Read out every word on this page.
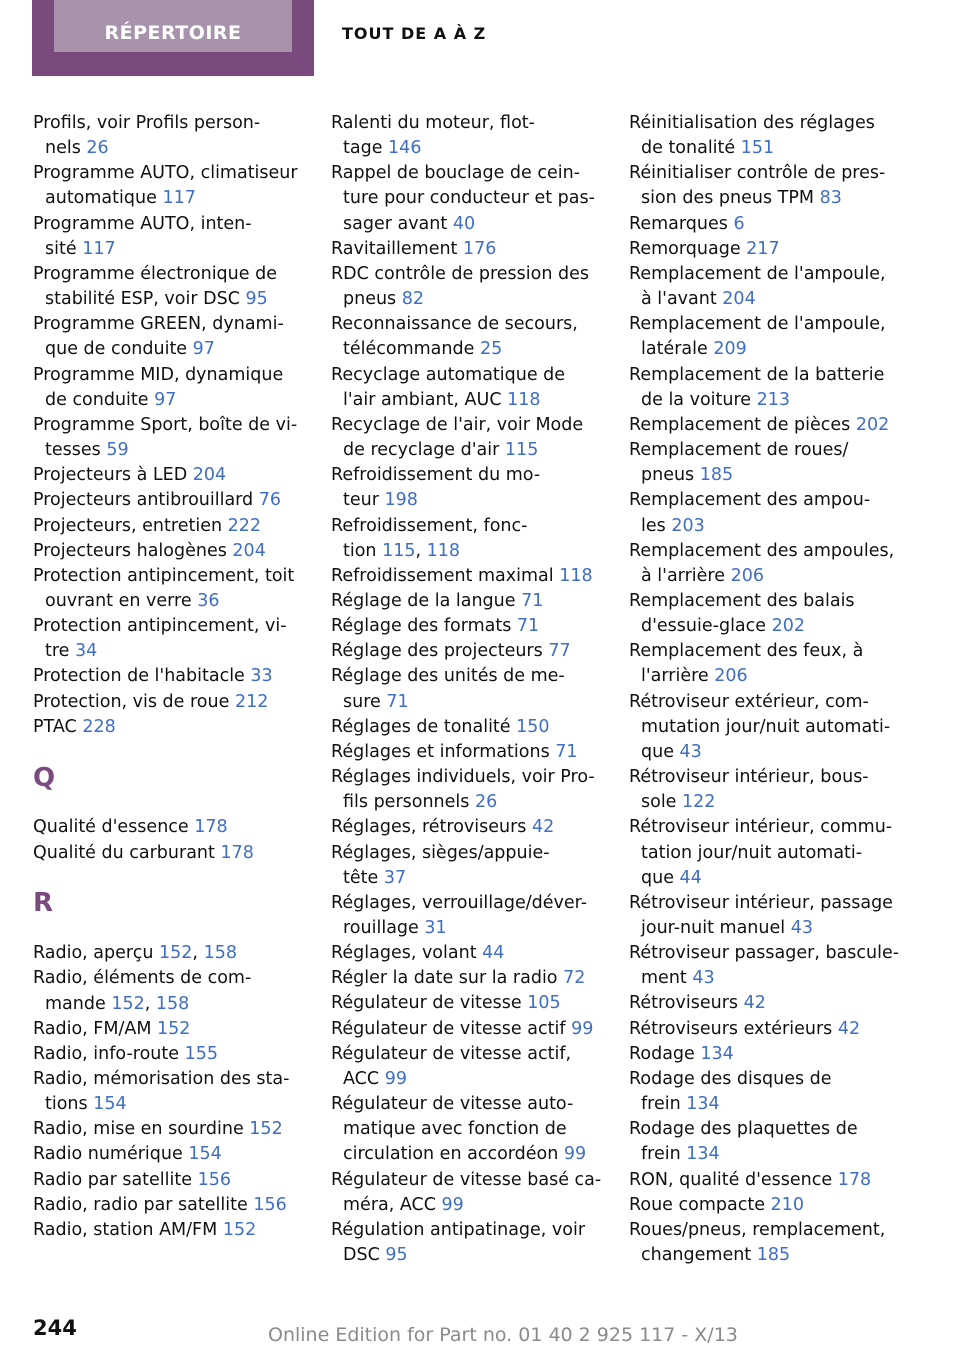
RÉPERTOIRE	TOUT DE A À Z
Profils, voir Profils person-
nels 26
Programme AUTO, climatiseur
automatique 117
Programme AUTO, inten-
sité 117
Programme électronique de
stabilité ESP, voir DSC 95
Programme GREEN, dynami-
que de conduite 97
Programme MID, dynamique
de conduite 97
Programme Sport, boîte de vi-
tesses 59
Projecteurs à LED 204
Projecteurs antibrouillard 76
Projecteurs, entretien 222
Projecteurs halogènes 204
Protection antipincement, toit
ouvrant en verre 36
Protection antipincement, vi-
tre 34
Protection de l'habitacle 33
Protection, vis de roue 212
PTAC 228
Q
Qualité d'essence 178
Qualité du carburant 178
R
Radio, aperçu 152, 158
Radio, éléments de com-
mande 152, 158
Radio, FM/AM 152
Radio, info-route 155
Radio, mémorisation des sta-
tions 154
Radio, mise en sourdine 152
Radio numérique 154
Radio par satellite 156
Radio, radio par satellite 156
Radio, station AM/FM 152
Ralenti du moteur, flot-
tage 146
Rappel de bouclage de cein-
ture pour conducteur et pas-
sager avant 40
Ravitaillement 176
RDC contrôle de pression des
pneus 82
Reconnaissance de secours,
télécommande 25
Recyclage automatique de
l'air ambiant, AUC 118
Recyclage de l'air, voir Mode
de recyclage d'air 115
Refroidissement du mo-
teur 198
Refroidissement, fonc-
tion 115, 118
Refroidissement maximal 118
Réglage de la langue 71
Réglage des formats 71
Réglage des projecteurs 77
Réglage des unités de me-
sure 71
Réglages de tonalité 150
Réglages et informations 71
Réglages individuels, voir Pro-
fils personnels 26
Réglages, rétroviseurs 42
Réglages, sièges/appuie-
tête 37
Réglages, verrouillage/déver-
rouillage 31
Réglages, volant 44
Régler la date sur la radio 72
Régulateur de vitesse 105
Régulateur de vitesse actif 99
Régulateur de vitesse actif,
ACC 99
Régulateur de vitesse auto-
matique avec fonction de
circulation en accordéon 99
Régulateur de vitesse basé ca-
méra, ACC 99
Régulation antipatinage, voir
DSC 95
Réinitialisation des réglages
de tonalité 151
Réinitialiser contrôle de pres-
sion des pneus TPM 83
Remarques 6
Remorquage 217
Remplacement de l'ampoule,
à l'avant 204
Remplacement de l'ampoule,
latérale 209
Remplacement de la batterie
de la voiture 213
Remplacement de pièces 202
Remplacement de roues/
pneus 185
Remplacement des ampou-
les 203
Remplacement des ampoules,
à l'arrière 206
Remplacement des balais
d'essuie-glace 202
Remplacement des feux, à
l'arrière 206
Rétroviseur extérieur, com-
mutation jour/nuit automati-
que 43
Rétroviseur intérieur, bous-
sole 122
Rétroviseur intérieur, commu-
tation jour/nuit automati-
que 44
Rétroviseur intérieur, passage
jour-nuit manuel 43
Rétroviseur passager, bascule-
ment 43
Rétroviseurs 42
Rétroviseurs extérieurs 42
Rodage 134
Rodage des disques de
frein 134
Rodage des plaquettes de
frein 134
RON, qualité d'essence 178
Roue compacte 210
Roues/pneus, remplacement,
changement 185
244	Online Edition for Part no. 01 40 2 925 117 - X/13
